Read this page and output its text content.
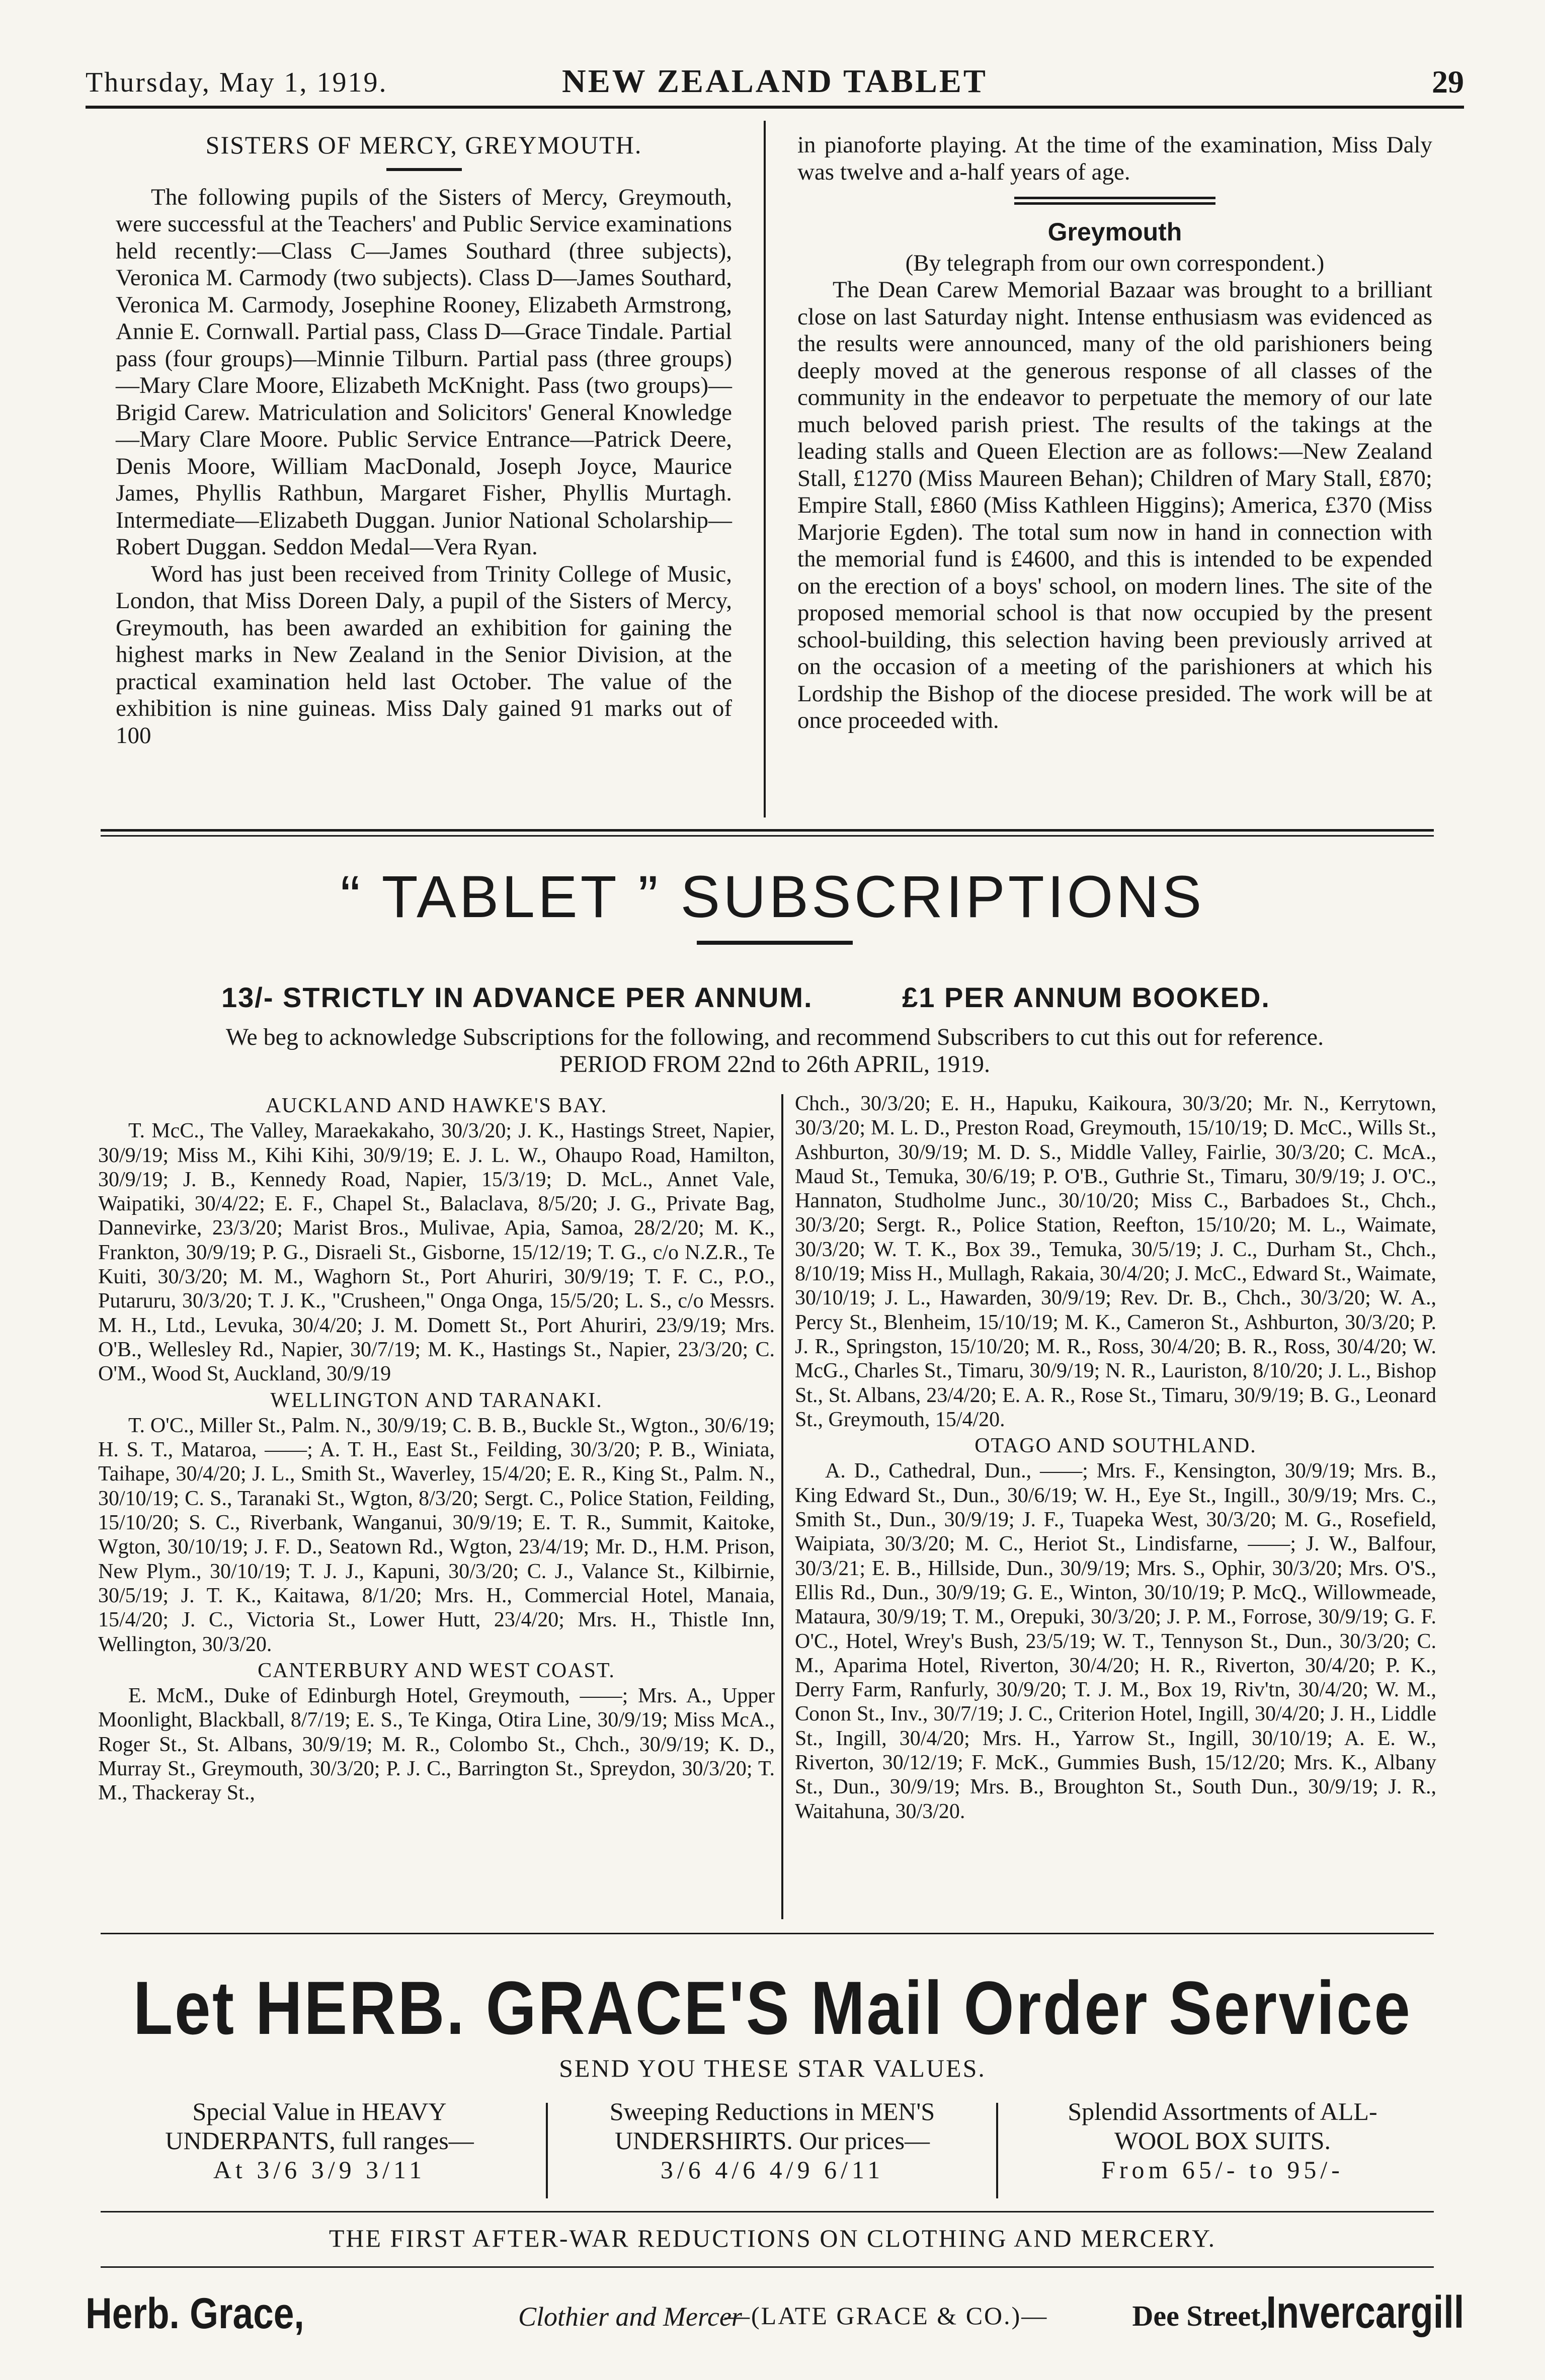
Thursday, May 1, 1919.	NEW ZEALAND TABLET	29
SISTERS OF MERCY, GREYMOUTH.

The following pupils of the Sisters of Mercy, Greymouth, were successful at the Teachers' and Public Service examinations held recently:—Class C—James Southard (three subjects), Veronica M. Carmody (two subjects). Class D—James Southard, Veronica M. Carmody, Josephine Rooney, Elizabeth Armstrong, Annie E. Cornwall. Partial pass, Class D—Grace Tindale. Partial pass (four groups)—Minnie Tilburn. Partial pass (three groups)—Mary Clare Moore, Elizabeth McKnight. Pass (two groups)—Brigid Carew. Matriculation and Solicitors' General Knowledge—Mary Clare Moore. Public Service Entrance—Patrick Deere, Denis Moore, William MacDonald, Joseph Joyce, Maurice James, Phyllis Rathbun, Margaret Fisher, Phyllis Murtagh. Intermediate—Elizabeth Duggan. Junior National Scholarship—Robert Duggan. Seddon Medal—Vera Ryan.

Word has just been received from Trinity College of Music, London, that Miss Doreen Daly, a pupil of the Sisters of Mercy, Greymouth, has been awarded an exhibition for gaining the highest marks in New Zealand in the Senior Division, at the practical examination held last October. The value of the exhibition is nine guineas. Miss Daly gained 91 marks out of 100

in pianoforte playing. At the time of the examination, Miss Daly was twelve and a-half years of age.

Greymouth
(By telegraph from our own correspondent.)

The Dean Carew Memorial Bazaar was brought to a brilliant close on last Saturday night. Intense enthusiasm was evidenced as the results were announced, many of the old parishioners being deeply moved at the generous response of all classes of the community in the endeavor to perpetuate the memory of our late much beloved parish priest. The results of the takings at the leading stalls and Queen Election are as follows:—New Zealand Stall, £1270 (Miss Maureen Behan); Children of Mary Stall, £870; Empire Stall, £860 (Miss Kathleen Higgins); America, £370 (Miss Marjorie Egden). The total sum now in hand in connection with the memorial fund is £4600, and this is intended to be expended on the erection of a boys' school, on modern lines. The site of the proposed memorial school is that now occupied by the present school-building, this selection having been previously arrived at on the occasion of a meeting of the parishioners at which his Lordship the Bishop of the diocese presided. The work will be at once proceeded with.

“ TABLET ” SUBSCRIPTIONS
13/- STRICTLY IN ADVANCE PER ANNUM.	£1 PER ANNUM BOOKED.
We beg to acknowledge Subscriptions for the following, and recommend Subscribers to cut this out for reference.
PERIOD FROM 22nd to 26th APRIL, 1919.
AUCKLAND AND HAWKE'S BAY.

T. McC., The Valley, Maraekakaho, 30/3/20; J. K., Hastings Street, Napier, 30/9/19; Miss M., Kihi Kihi, 30/9/19; E. J. L. W., Ohaupo Road, Hamilton, 30/9/19; J. B., Kennedy Road, Napier, 15/3/19; D. McL., Annet Vale, Waipatiki, 30/4/22; E. F., Chapel St., Balaclava, 8/5/20; J. G., Private Bag, Dannevirke, 23/3/20; Marist Bros., Mulivae, Apia, Samoa, 28/2/20; M. K., Frankton, 30/9/19; P. G., Disraeli St., Gisborne, 15/12/19; T. G., c/o N.Z.R., Te Kuiti, 30/3/20; M. M., Waghorn St., Port Ahuriri, 30/9/19; T. F. C., P.O., Putaruru, 30/3/20; T. J. K., "Crusheen," Onga Onga, 15/5/20; L. S., c/o Messrs. M. H., Ltd., Levuka, 30/4/20; J. M. Domett St., Port Ahuriri, 23/9/19; Mrs. O'B., Wellesley Rd., Napier, 30/7/19; M. K., Hastings St., Napier, 23/3/20; C. O'M., Wood St, Auckland, 30/9/19

WELLINGTON AND TARANAKI.

T. O'C., Miller St., Palm. N., 30/9/19; C. B. B., Buckle St., Wgton., 30/6/19; H. S. T., Mataroa, ——; A. T. H., East St., Feilding, 30/3/20; P. B., Winiata, Taihape, 30/4/20; J. L., Smith St., Waverley, 15/4/20; E. R., King St., Palm. N., 30/10/19; C. S., Taranaki St., Wgton, 8/3/20; Sergt. C., Police Station, Feilding, 15/10/20; S. C., Riverbank, Wanganui, 30/9/19; E. T. R., Summit, Kaitoke, Wgton, 30/10/19; J. F. D., Seatown Rd., Wgton, 23/4/19; Mr. D., H.M. Prison, New Plym., 30/10/19; T. J. J., Kapuni, 30/3/20; C. J., Valance St., Kilbirnie, 30/5/19; J. T. K., Kaitawa, 8/1/20; Mrs. H., Commercial Hotel, Manaia, 15/4/20; J. C., Victoria St., Lower Hutt, 23/4/20; Mrs. H., Thistle Inn, Wellington, 30/3/20.

CANTERBURY AND WEST COAST.

E. McM., Duke of Edinburgh Hotel, Greymouth, ——; Mrs. A., Upper Moonlight, Blackball, 8/7/19; E. S., Te Kinga, Otira Line, 30/9/19; Miss McA., Roger St., St. Albans, 30/9/19; M. R., Colombo St., Chch., 30/9/19; K. D., Murray St., Greymouth, 30/3/20; P. J. C., Barrington St., Spreydon, 30/3/20; T. M., Thackeray St.,

Chch., 30/3/20; E. H., Hapuku, Kaikoura, 30/3/20; Mr. N., Kerrytown, 30/3/20; M. L. D., Preston Road, Greymouth, 15/10/19; D. McC., Wills St., Ashburton, 30/9/19; M. D. S., Middle Valley, Fairlie, 30/3/20; C. McA., Maud St., Temuka, 30/6/19; P. O'B., Guthrie St., Timaru, 30/9/19; J. O'C., Hannaton, Studholme Junc., 30/10/20; Miss C., Barbadoes St., Chch., 30/3/20; Sergt. R., Police Station, Reefton, 15/10/20; M. L., Waimate, 30/3/20; W. T. K., Box 39., Temuka, 30/5/19; J. C., Durham St., Chch., 8/10/19; Miss H., Mullagh, Rakaia, 30/4/20; J. McC., Edward St., Waimate, 30/10/19; J. L., Hawarden, 30/9/19; Rev. Dr. B., Chch., 30/3/20; W. A., Percy St., Blenheim, 15/10/19; M. K., Cameron St., Ashburton, 30/3/20; P. J. R., Springston, 15/10/20; M. R., Ross, 30/4/20; B. R., Ross, 30/4/20; W. McG., Charles St., Timaru, 30/9/19; N. R., Lauriston, 8/10/20; J. L., Bishop St., St. Albans, 23/4/20; E. A. R., Rose St., Timaru, 30/9/19; B. G., Leonard St., Greymouth, 15/4/20.

OTAGO AND SOUTHLAND.

A. D., Cathedral, Dun., ——; Mrs. F., Kensington, 30/9/19; Mrs. B., King Edward St., Dun., 30/6/19; W. H., Eye St., Ingill., 30/9/19; Mrs. C., Smith St., Dun., 30/9/19; J. F., Tuapeka West, 30/3/20; M. G., Rosefield, Waipiata, 30/3/20; M. C., Heriot St., Lindisfarne, ——; J. W., Balfour, 30/3/21; E. B., Hillside, Dun., 30/9/19; Mrs. S., Ophir, 30/3/20; Mrs. O'S., Ellis Rd., Dun., 30/9/19; G. E., Winton, 30/10/19; P. McQ., Willowmeade, Mataura, 30/9/19; T. M., Orepuki, 30/3/20; J. P. M., Forrose, 30/9/19; G. F. O'C., Hotel, Wrey's Bush, 23/5/19; W. T., Tennyson St., Dun., 30/3/20; C. M., Aparima Hotel, Riverton, 30/4/20; H. R., Riverton, 30/4/20; P. K., Derry Farm, Ranfurly, 30/9/20; T. J. M., Box 19, Riv'tn, 30/4/20; W. M., Conon St., Inv., 30/7/19; J. C., Criterion Hotel, Ingill, 30/4/20; J. H., Liddle St., Ingill, 30/4/20; Mrs. H., Yarrow St., Ingill, 30/10/19; A. E. W., Riverton, 30/12/19; F. McK., Gummies Bush, 15/12/20; Mrs. K., Albany St., Dun., 30/9/19; Mrs. B., Broughton St., South Dun., 30/9/19; J. R., Waitahuna, 30/3/20.

Let HERB. GRACE'S Mail Order Service
SEND YOU THESE STAR VALUES.
Special Value in HEAVY
UNDERPANTS, full ranges—
At 3/6 3/9 3/11
Sweeping Reductions in MEN'S
UNDERSHIRTS. Our prices—
3/6 4/6 4/9 6/11
Splendid Assortments of ALL-
WOOL BOX SUITS.
From 65/- to 95/-
THE FIRST AFTER-WAR REDUCTIONS ON CLOTHING AND MERCERY.
Herb. Grace,	Clothier and Mercer
—(LATE GRACE & CO.)—	Dee Street,
Invercargill
